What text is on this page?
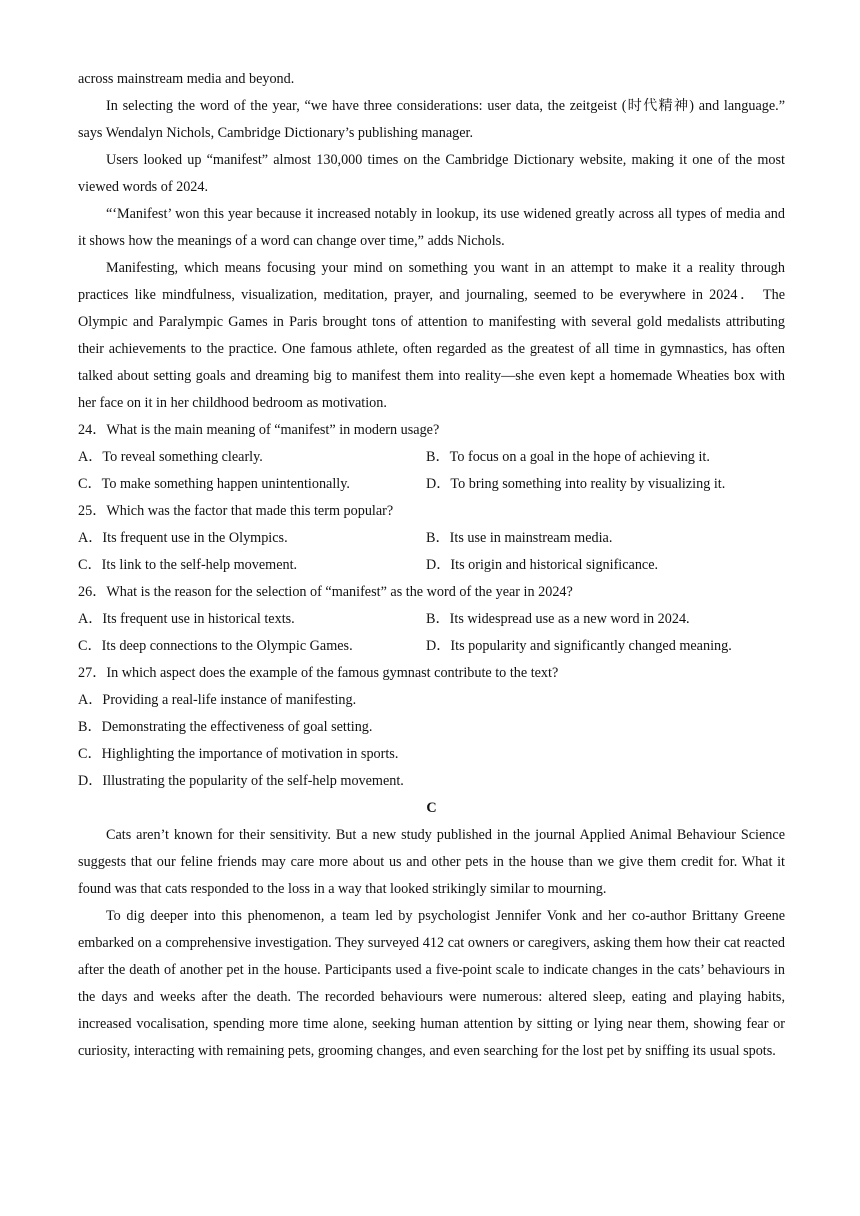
across mainstream media and beyond.

In selecting the word of the year, “we have three considerations: user data, the zeitgeist (时代精神) and language.” says Wendalyn Nichols, Cambridge Dictionary’s publishing manager.

Users looked up “manifest” almost 130,000 times on the Cambridge Dictionary website, making it one of the most viewed words of 2024.

“‘Manifest’ won this year because it increased notably in lookup, its use widened greatly across all types of media and it shows how the meanings of a word can change over time,” adds Nichols.

Manifesting, which means focusing your mind on something you want in an attempt to make it a reality through practices like mindfulness, visualization, meditation, prayer, and journaling, seemed to be everywhere in 2024． The Olympic and Paralympic Games in Paris brought tons of attention to manifesting with several gold medalists attributing their achievements to the practice. One famous athlete, often regarded as the greatest of all time in gymnastics, has often talked about setting goals and dreaming big to manifest them into reality—she even kept a homemade Wheaties box with her face on it in her childhood bedroom as motivation.

24．What is the main meaning of “manifest” in modern usage?

A．To reveal something clearly.	B．To focus on a goal in the hope of achieving it.

C．To make something happen unintentionally.	D．To bring something into reality by visualizing it.

25．Which was the factor that made this term popular?

A．Its frequent use in the Olympics.	B．Its use in mainstream media.

C．Its link to the self-help movement.	D．Its origin and historical significance.

26．What is the reason for the selection of “manifest” as the word of the year in 2024?

A．Its frequent use in historical texts.	B．Its widespread use as a new word in 2024.

C．Its deep connections to the Olympic Games.	D．Its popularity and significantly changed meaning.

27．In which aspect does the example of the famous gymnast contribute to the text?

A．Providing a real-life instance of manifesting.

B．Demonstrating the effectiveness of goal setting.

C．Highlighting the importance of motivation in sports.

D．Illustrating the popularity of the self-help movement.

C

Cats aren’t known for their sensitivity. But a new study published in the journal Applied Animal Behaviour Science suggests that our feline friends may care more about us and other pets in the house than we give them credit for. What it found was that cats responded to the loss in a way that looked strikingly similar to mourning.

To dig deeper into this phenomenon, a team led by psychologist Jennifer Vonk and her co-author Brittany Greene embarked on a comprehensive investigation. They surveyed 412 cat owners or caregivers, asking them how their cat reacted after the death of another pet in the house. Participants used a five-point scale to indicate changes in the cats’ behaviours in the days and weeks after the death. The recorded behaviours were numerous: altered sleep, eating and playing habits, increased vocalisation, spending more time alone, seeking human attention by sitting or lying near them, showing fear or curiosity, interacting with remaining pets, grooming changes, and even searching for the lost pet by sniffing its usual spots.
